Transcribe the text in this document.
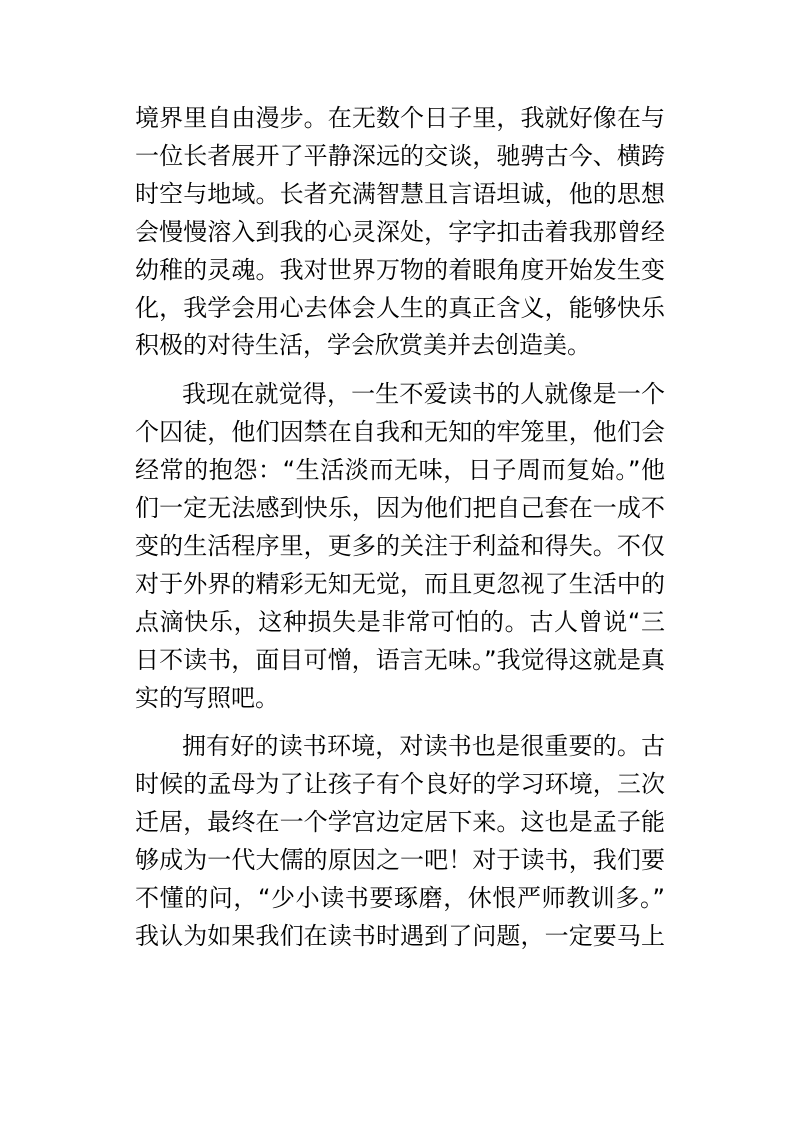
境界里自由漫步。在无数个日子里，我就好像在与
一位长者展开了平静深远的交谈，驰骋古今、横跨
时空与地域。长者充满智慧且言语坦诚，他的思想
会慢慢溶入到我的心灵深处，字字扣击着我那曾经
幼稚的灵魂。我对世界万物的着眼角度开始发生变
化，我学会用心去体会人生的真正含义，能够快乐
积极的对待生活，学会欣赏美并去创造美。
我现在就觉得，一生不爱读书的人就像是一个
个囚徒，他们因禁在自我和无知的牢笼里，他们会
经常的抱怨：“生活淡而无味，日子周而复始。”他
们一定无法感到快乐，因为他们把自己套在一成不
变的生活程序里，更多的关注于利益和得失。不仅
对于外界的精彩无知无觉，而且更忽视了生活中的
点滴快乐，这种损失是非常可怕的。古人曾说“三
日不读书，面目可憎，语言无味。”我觉得这就是真
实的写照吧。
拥有好的读书环境，对读书也是很重要的。古
时候的孟母为了让孩子有个良好的学习环境，三次
迁居，最终在一个学宫边定居下来。这也是孟子能
够成为一代大儒的原因之一吧！对于读书，我们要
不懂的问，“少小读书要琢磨，休恨严师教训多。”
我认为如果我们在读书时遇到了问题，一定要马上
